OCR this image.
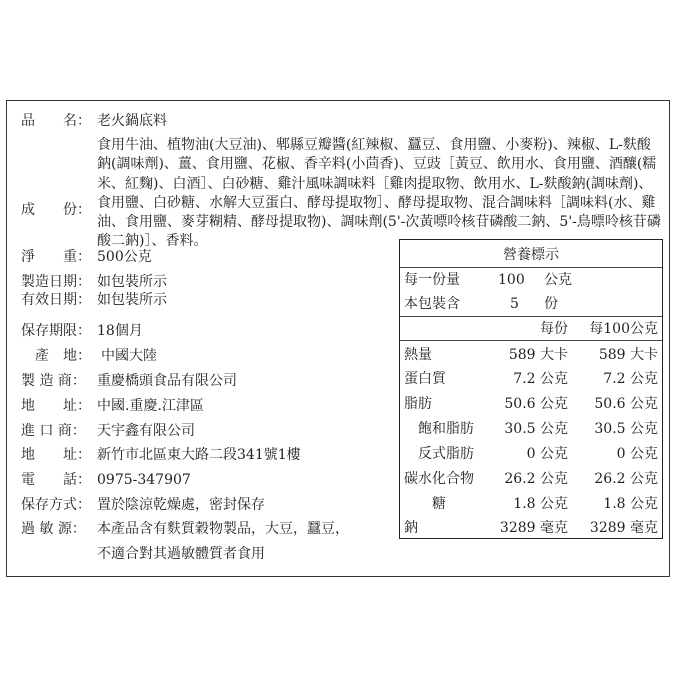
品　　名： 老火鍋底料
成　　份：
食用牛油、植物油(大豆油)、郫縣豆瓣醬(紅辣椒、蠶豆、食用鹽、小麥粉)、辣椒、L-麩酸鈉(調味劑)、薑、食用鹽、花椒、香辛料(小茴香)、豆豉［黃豆、飲用水、食用鹽、酒釀(糯米、紅麴)、白酒］、白砂糖、雞汁風味調味料［雞肉提取物、飲用水、L-麩酸鈉(調味劑)、食用鹽、白砂糖、水解大豆蛋白、酵母提取物］、酵母提取物、混合調味料［調味料(水、雞油、食用鹽、麥芽糊精、酵母提取物)、調味劑(5'-次黃嘌呤核苷磷酸二鈉、5'-鳥嘌呤核苷磷酸二鈉)］、香料。
淨　　重： 500公克
製造日期： 如包裝所示
有效日期： 如包裝所示
保存期限： 18個月
產　地： 中國大陸
製 造 商： 重慶橋頭食品有限公司
地　　址： 中國.重慶.江津區
進 口 商： 天宇鑫有限公司
地　　址： 新竹市北區東大路二段341號1樓
電　　話： 0975-347907
保存方式： 置於陰涼乾燥處，密封保存
過 敏 源： 本產品含有麩質穀物製品，大豆，蠶豆，
不適合對其過敏體質者食用
營養標示
每一份量	100 公克
本包裝含	5 份
每份 每100公克
熱量	589 大卡 589 大卡
蛋白質	7.2 公克	7.2 公克
脂肪	50.6 公克 50.6 公克
飽和脂肪 30.5 公克 30.5 公克
反式脂肪	0 公克	0 公克
碳水化合物 26.2 公克 26.2 公克
糖	1.8 公克	1.8 公克
鈉	3289 毫克 3289 毫克
